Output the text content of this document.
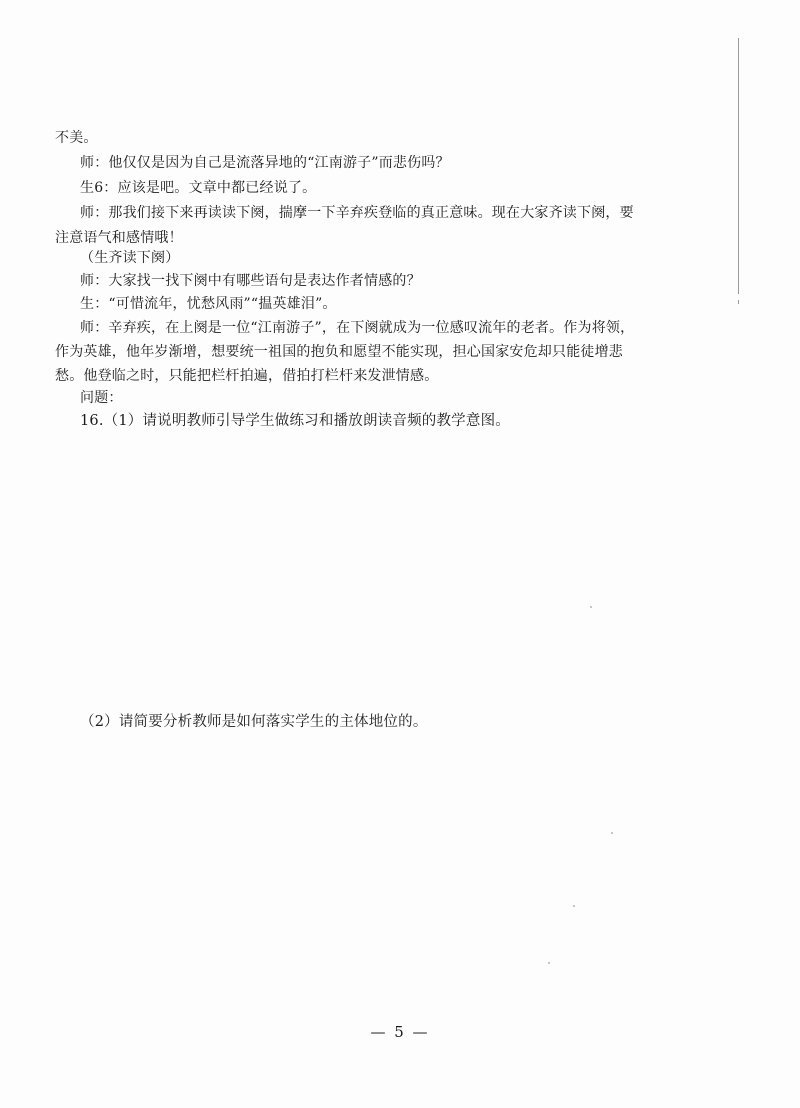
不美。
师：他仅仅是因为自己是流落异地的“江南游子”而悲伤吗？
生6：应该是吧。文章中都已经说了。
师：那我们接下来再读读下阕，揣摩一下辛弃疾登临的真正意味。现在大家齐读下阕，要
注意语气和感情哦！
（生齐读下阕）
师：大家找一找下阕中有哪些语句是表达作者情感的？
生：“可惜流年，忧愁风雨”“揾英雄泪”。
师：辛弃疾，在上阕是一位“江南游子”，在下阕就成为一位感叹流年的老者。作为将领，
作为英雄，他年岁渐增，想要统一祖国的抱负和愿望不能实现，担心国家安危却只能徒增悲
愁。他登临之时，只能把栏杆拍遍，借拍打栏杆来发泄情感。
问题：
16.（1）请说明教师引导学生做练习和播放朗读音频的教学意图。
（2）请简要分析教师是如何落实学生的主体地位的。
— 5 —
